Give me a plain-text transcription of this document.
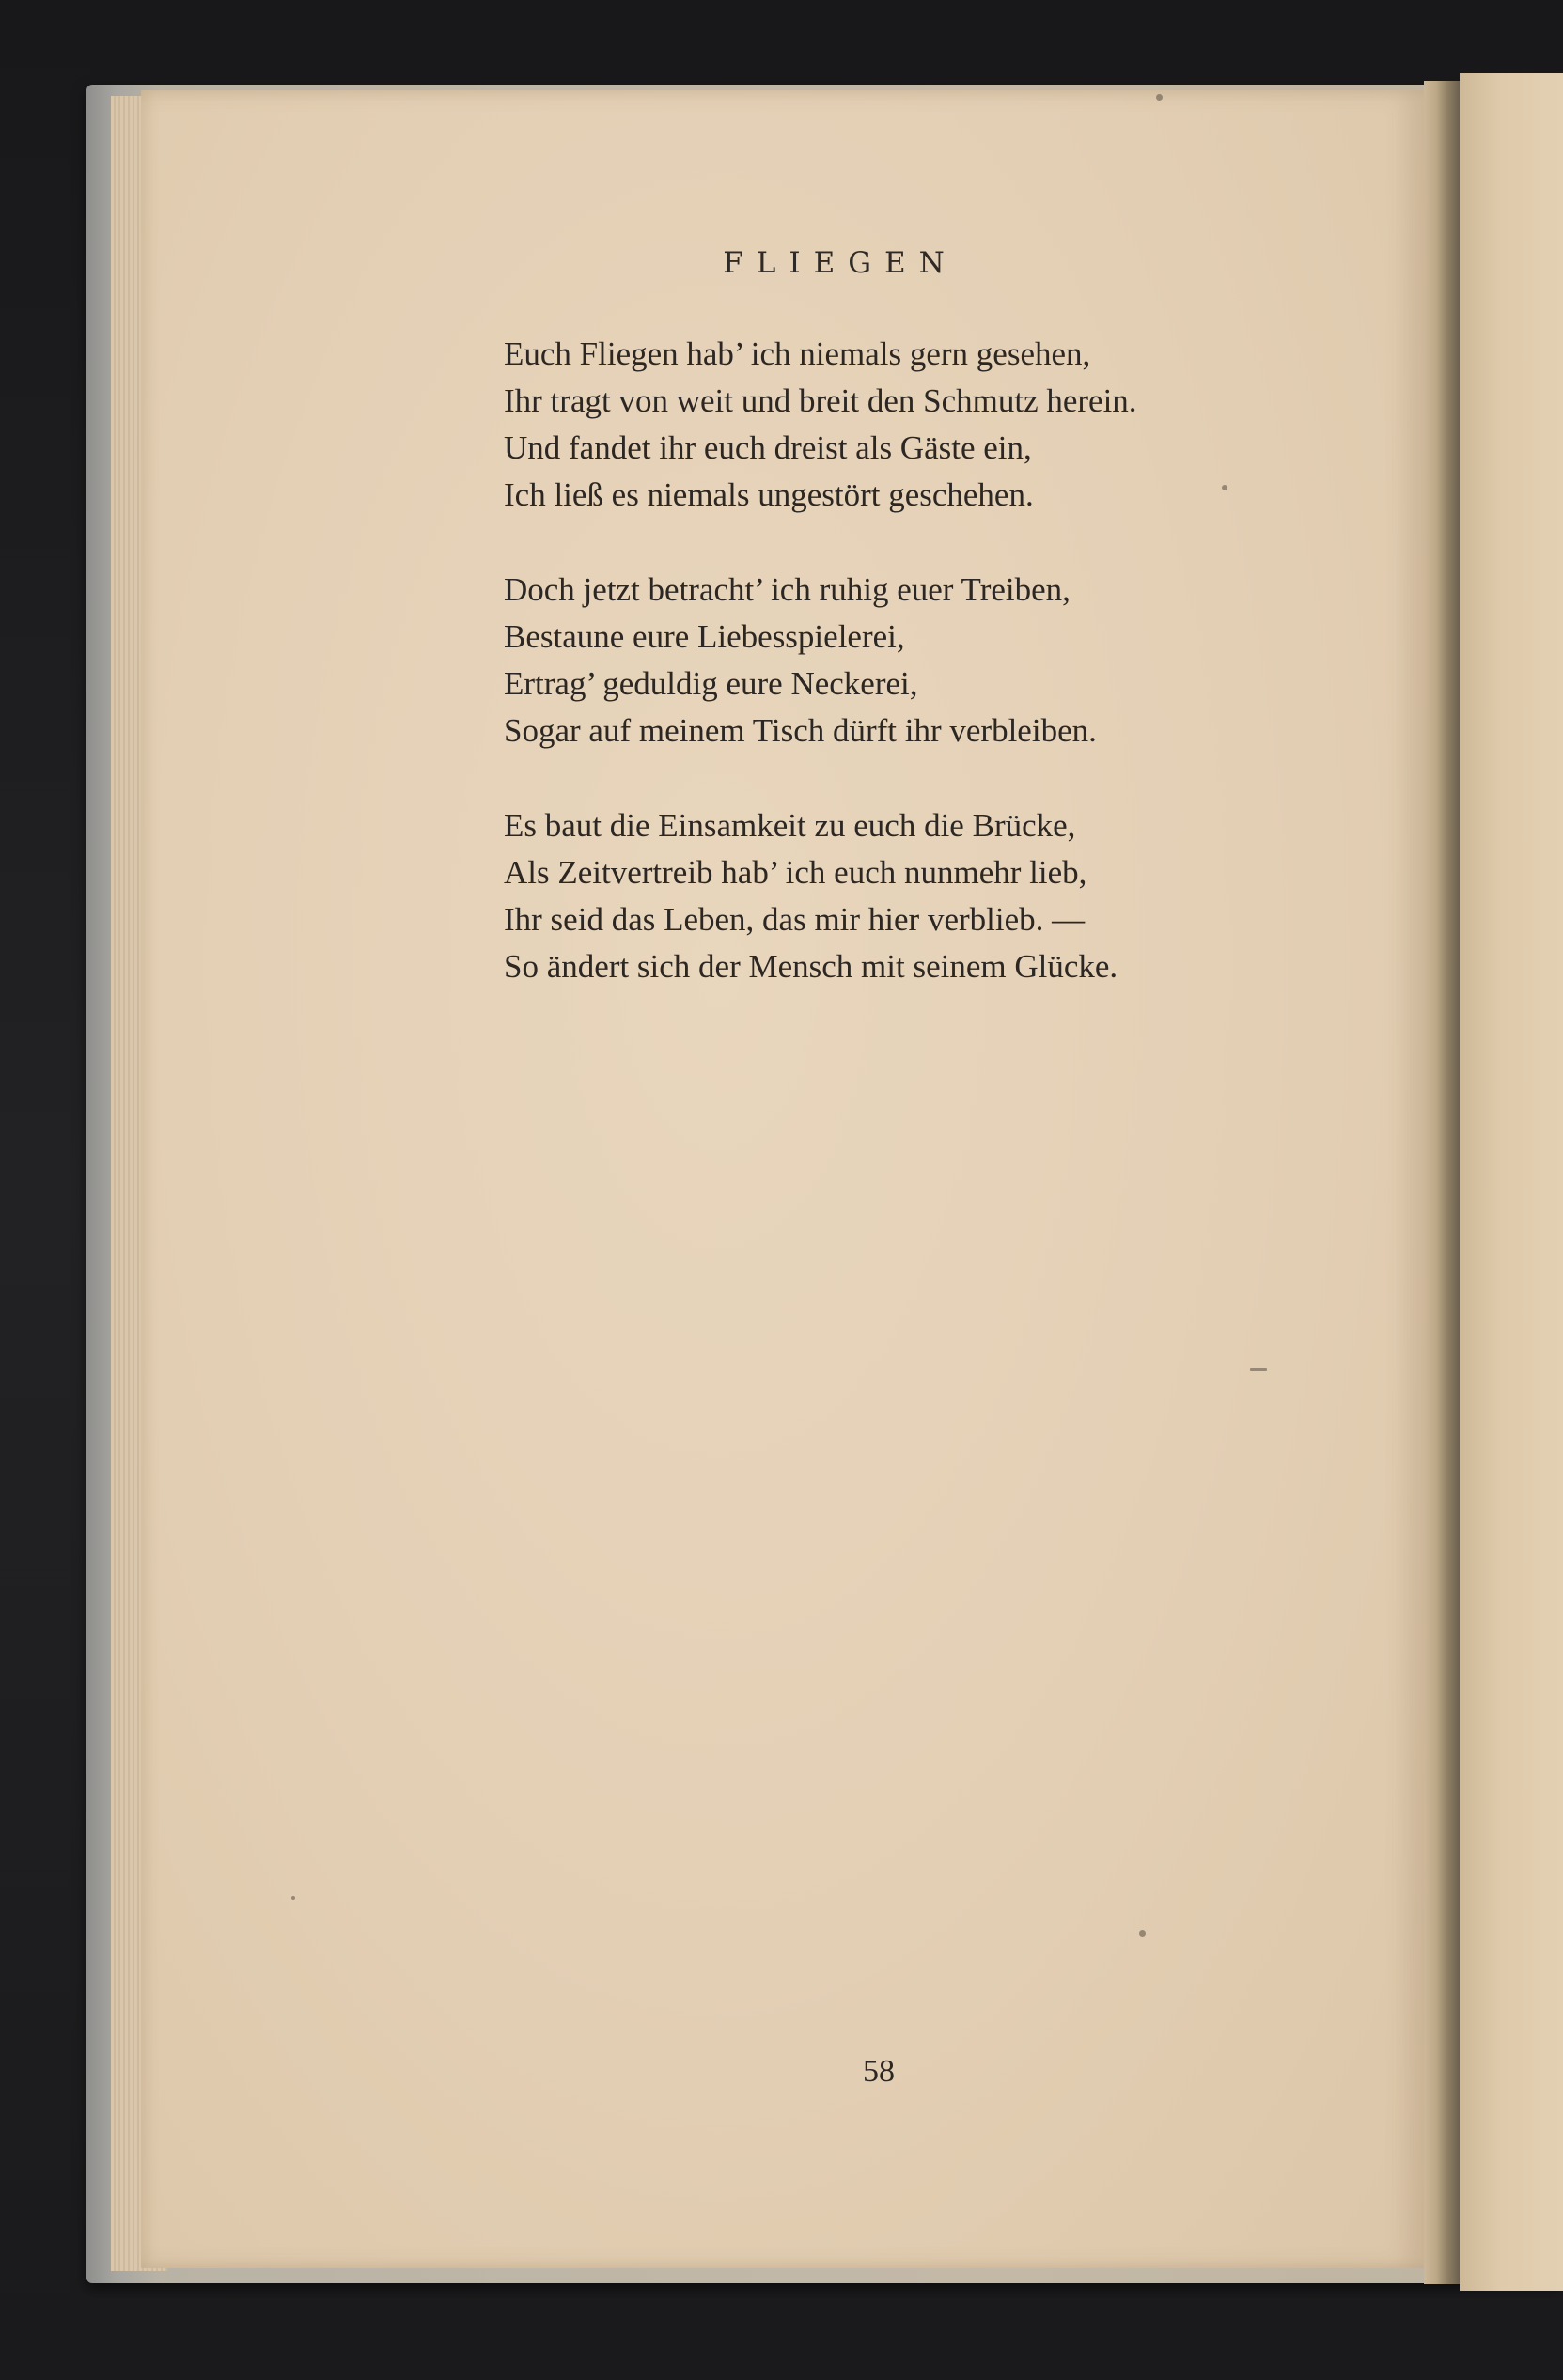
FLIEGEN
Euch Fliegen hab’ ich niemals gern gesehen,
Ihr tragt von weit und breit den Schmutz herein.
Und fandet ihr euch dreist als Gäste ein,
Ich ließ es niemals ungestört geschehen.
Doch jetzt betracht’ ich ruhig euer Treiben,
Bestaune eure Liebesspielerei,
Ertrag’ geduldig eure Neckerei,
Sogar auf meinem Tisch dürft ihr verbleiben.
Es baut die Einsamkeit zu euch die Brücke,
Als Zeitvertreib hab’ ich euch nunmehr lieb,
Ihr seid das Leben, das mir hier verblieb. —
So ändert sich der Mensch mit seinem Glücke.
58
